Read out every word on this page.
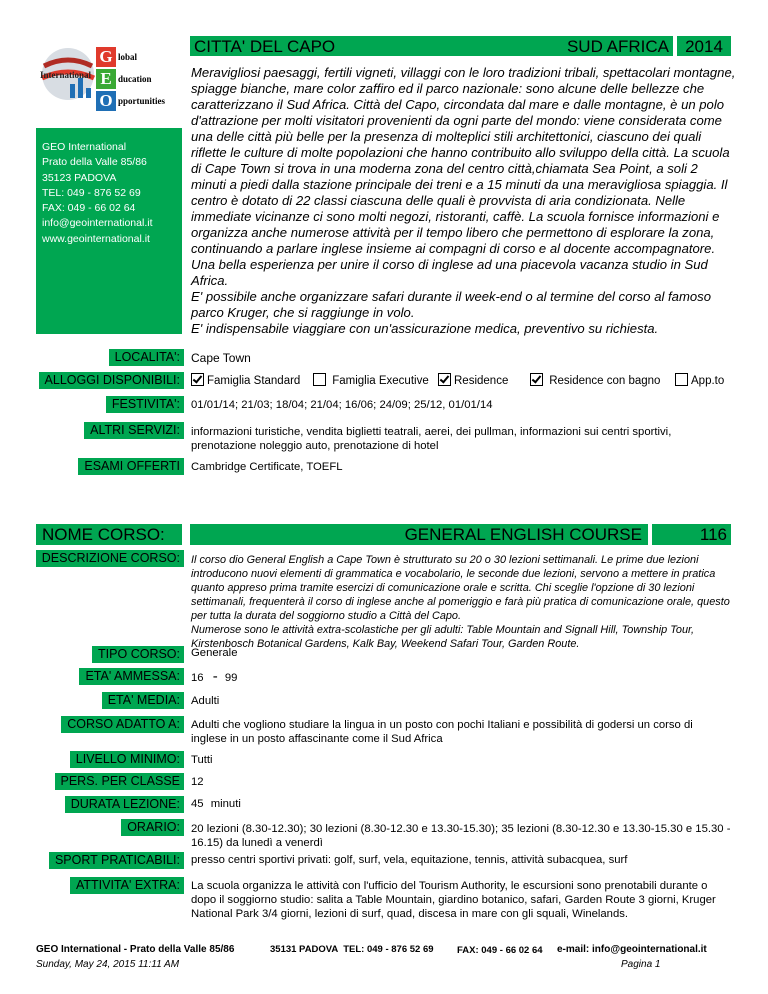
International
G lobal
E ducation
O pportunities
GEO International
Prato della Valle 85/86
35123 PADOVA
TEL: 049 - 876 52 69
FAX: 049 - 66 02 64
info@geointernational.it
www.geointernational.it
CITTA' DEL CAPO	SUD AFRICA 2014
Meravigliosi paesaggi, fertili vigneti, villaggi con le loro tradizioni tribali, spettacolari montagne, spiagge bianche, mare color zaffiro ed il parco nazionale: sono alcune delle bellezze che caratterizzano il Sud Africa. Città del Capo, circondata dal mare e dalle montagne, è un polo d'attrazione per molti visitatori provenienti da ogni parte del mondo: viene considerata come una delle città più belle per la presenza di molteplici stili architettonici, ciascuno dei quali riflette le culture di molte popolazioni che hanno contribuito allo sviluppo della città. La scuola di Cape Town si trova in una moderna zona del centro città,chiamata Sea Point, a soli 2 minuti a piedi dalla stazione principale dei treni e a 15 minuti da una meravigliosa spiaggia. Il centro è dotato di 22 classi ciascuna delle quali è provvista di aria condizionata. Nelle immediate vicinanze ci sono molti negozi, ristoranti, caffè. La scuola fornisce informazioni e organizza anche numerose attività per il tempo libero che permettono di esplorare la zona, continuando a parlare inglese insieme ai compagni di corso e al docente accompagnatore. Una bella esperienza per unire il corso di inglese ad una piacevola vacanza studio in Sud Africa.
E' possibile anche organizzare safari durante il week-end o al termine del corso al famoso parco Kruger, che si raggiunge in volo.
E' indispensabile viaggiare con un'assicurazione medica, preventivo su richiesta.
LOCALITA': Cape Town
ALLOGGI DISPONIBILI:	Famiglia Standard	Famiglia Executive	Residence	Residence con bagno	App.to
FESTIVITA': 01/01/14; 21/03; 18/04; 21/04; 16/06; 24/09; 25/12, 01/01/14
ALTRI SERVIZI: informazioni turistiche, vendita biglietti teatrali, aerei, dei pullman, informazioni sui centri sportivi, prenotazione noleggio auto, prenotazione di hotel
ESAMI OFFERTI Cambridge Certificate, TOEFL
NOME CORSO:	GENERAL ENGLISH COURSE	116
DESCRIZIONE CORSO:	Il corso dio General English a Cape Town è strutturato su 20 o 30 lezioni settimanali. Le prime due lezioni introducono nuovi elementi di grammatica e vocabolario, le seconde due lezioni, servono a mettere in pratica quanto appreso prima tramite esercizi di comunicazione orale e scritta. Chi sceglie l'opzione di 30 lezioni settimanali, frequenterà il corso di inglese anche al pomeriggio e farà più pratica di comunicazione orale, questo per tutta la durata del soggiorno studio a Città del Capo.
Numerose sono le attività extra-scolastiche per gli adulti: Table Mountain and Signall Hill, Township Tour, Kirstenbosch Botanical Gardens, Kalk Bay, Weekend Safari Tour, Garden Route.
TIPO CORSO: Generale
ETA' AMMESSA: 16 - 99
ETA' MEDIA: Adulti
CORSO ADATTO A: Adulti che vogliono studiare la lingua in un posto con pochi Italiani e possibilità di godersi un corso di inglese in un posto affascinante come il Sud Africa
LIVELLO MINIMO: Tutti
PERS. PER CLASSE 12
DURATA LEZIONE: 45 minuti
ORARIO: 20 lezioni (8.30-12.30); 30 lezioni (8.30-12.30 e 13.30-15.30); 35 lezioni (8.30-12.30 e 13.30-15.30 e 15.30 - 16.15) da lunedì a venerdì
SPORT PRATICABILI: presso centri sportivi privati: golf, surf, vela, equitazione, tennis, attività subacquea, surf
ATTIVITA' EXTRA: La scuola organizza le attività con l'ufficio del Tourism Authority, le escursioni sono prenotabili durante o dopo il soggiorno studio: salita a Table Mountain, giardino botanico, safari, Garden Route 3 giorni, Kruger National Park 3/4 giorni, lezioni di surf, quad, discesa in mare con gli squali, Winelands.
GEO International - Prato della Valle 85/86	35131 PADOVA  TEL: 049 - 876 52 69 FAX: 049 - 66 02 64 e-mail: info@geointernational.it
Sunday, May 24, 2015 11:11 AM	Pagina 1
